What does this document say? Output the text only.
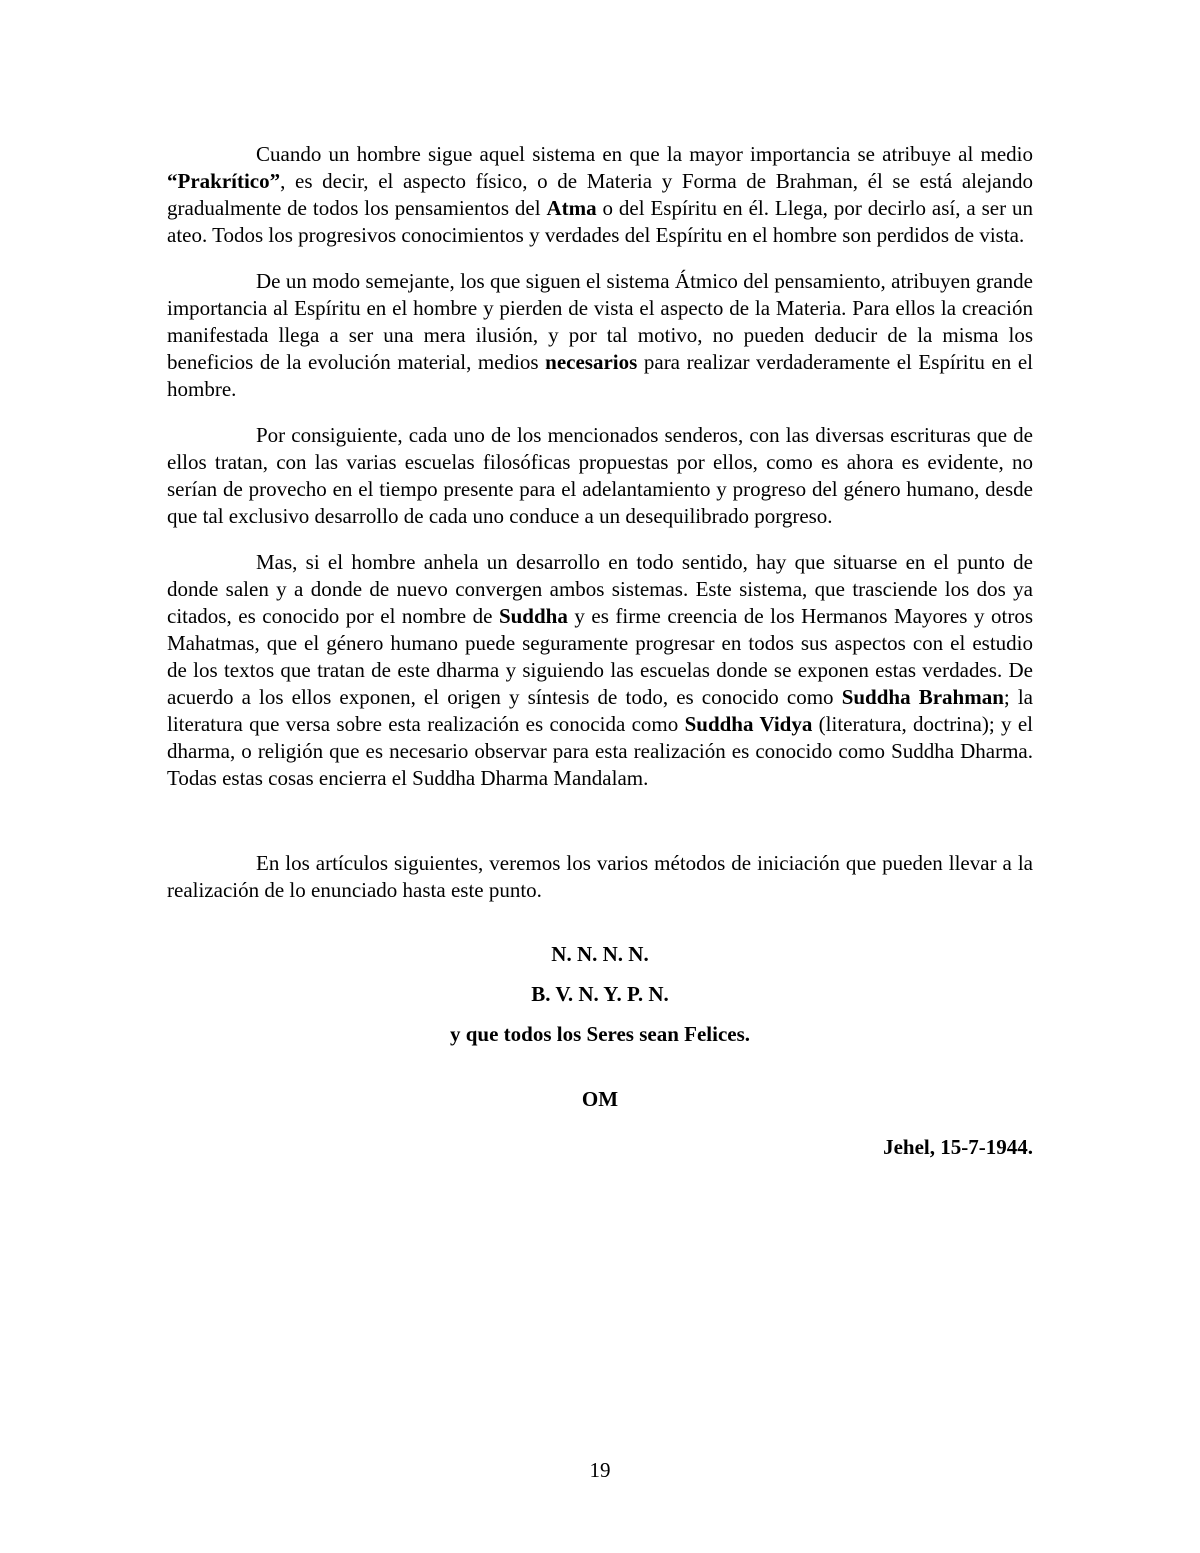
Cuando un hombre sigue aquel sistema en que la mayor importancia se atribuye al medio “Prakrítico”, es decir, el aspecto físico, o de Materia y Forma de Brahman, él se está alejando gradualmente de todos los pensamientos del Atma o del Espíritu en él. Llega, por decirlo así, a ser un ateo. Todos los progresivos conocimientos y verdades del Espíritu en el hombre son perdidos de vista.

De un modo semejante, los que siguen el sistema Átmico del pensamiento, atribuyen grande importancia al Espíritu en el hombre y pierden de vista el aspecto de la Materia. Para ellos la creación manifestada llega a ser una mera ilusión, y por tal motivo, no pueden deducir de la misma los beneficios de la evolución material, medios necesarios para realizar verdaderamente el Espíritu en el hombre.

Por consiguiente, cada uno de los mencionados senderos, con las diversas escrituras que de ellos tratan, con las varias escuelas filosóficas propuestas por ellos, como es ahora es evidente, no serían de provecho en el tiempo presente para el adelantamiento y progreso del género humano, desde que tal exclusivo desarrollo de cada uno conduce a un desequilibrado porgreso.

Mas, si el hombre anhela un desarrollo en todo sentido, hay que situarse en el punto de donde salen y a donde de nuevo convergen ambos sistemas. Este sistema, que trasciende los dos ya citados, es conocido por el nombre de Suddha y es firme creencia de los Hermanos Mayores y otros Mahatmas, que el género humano puede seguramente progresar en todos sus aspectos con el estudio de los textos que tratan de este dharma y siguiendo las escuelas donde se exponen estas verdades. De acuerdo a los ellos exponen, el origen y síntesis de todo, es conocido como Suddha Brahman; la literatura que versa sobre esta realización es conocida como Suddha Vidya (literatura, doctrina); y el dharma, o religión que es necesario observar para esta realización es conocido como Suddha Dharma. Todas estas cosas encierra el Suddha Dharma Mandalam.

En los artículos siguientes, veremos los varios métodos de iniciación que pueden llevar a la realización de lo enunciado hasta este punto.

N. N. N. N.

B. V. N. Y. P. N.

y que todos los Seres sean Felices.

OM

Jehel, 15-7-1944.

19
